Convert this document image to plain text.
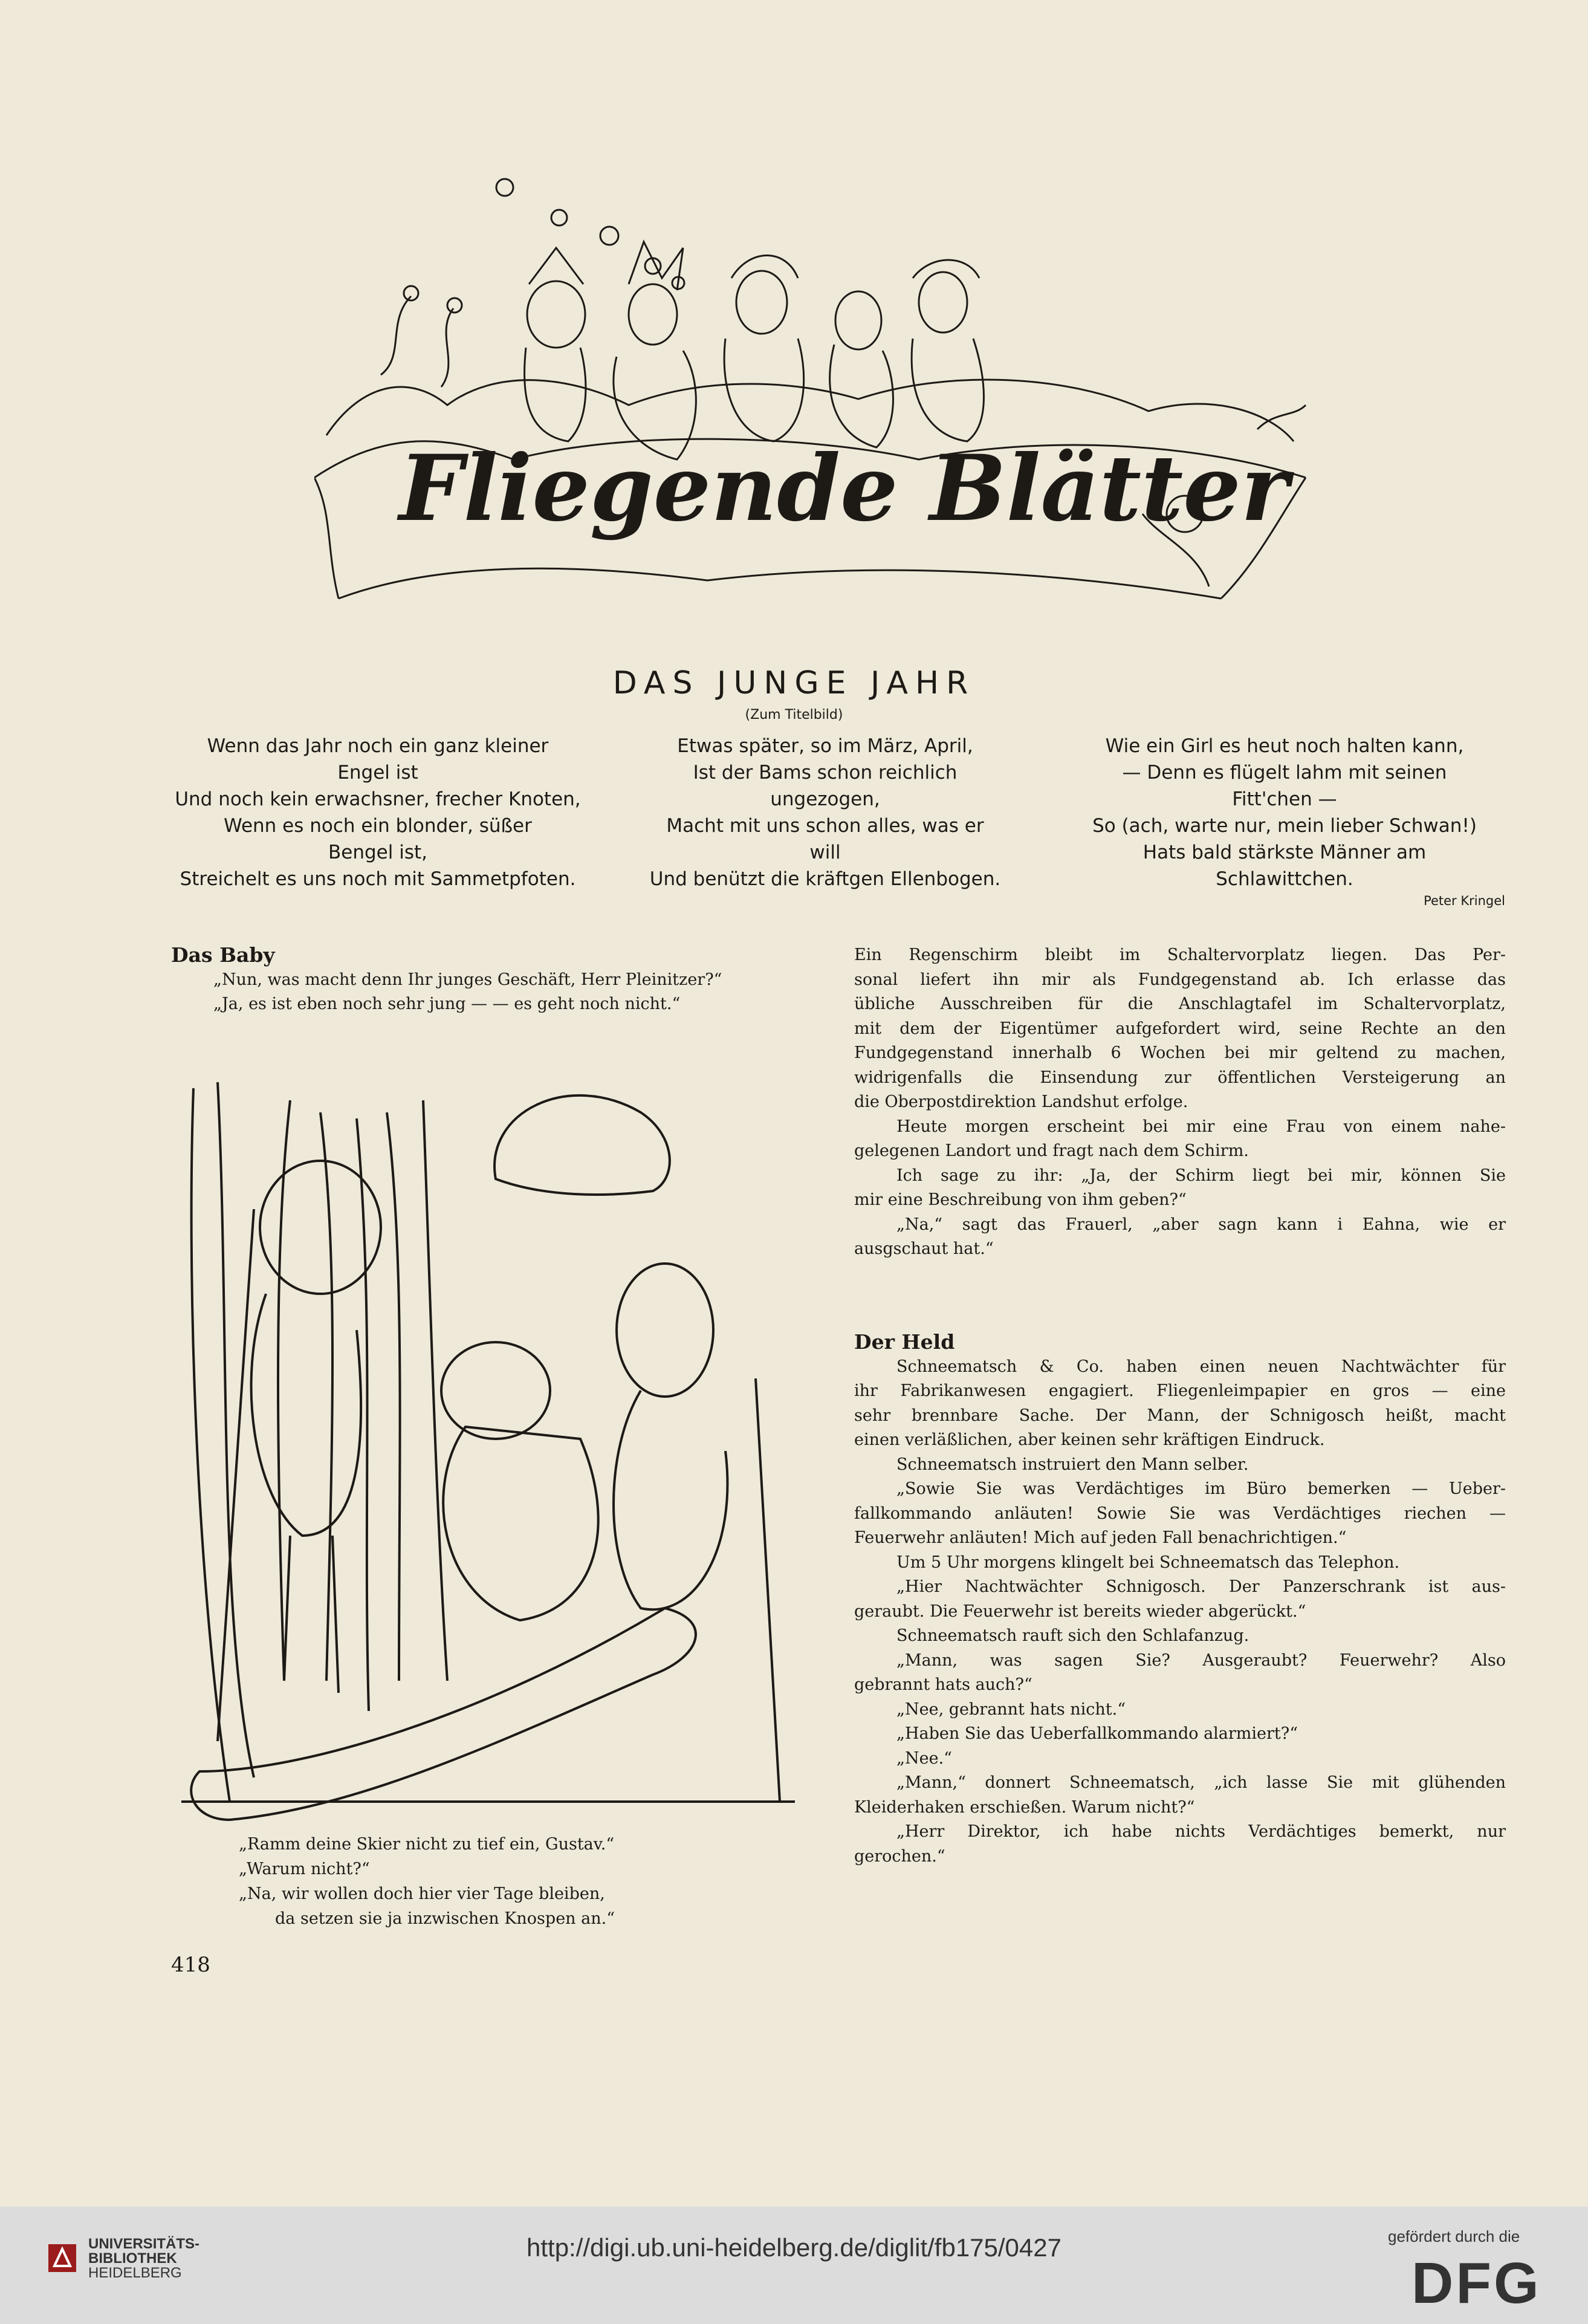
Fliegende Blätter
DAS JUNGE JAHR
(Zum Titelbild)
Wenn das Jahr noch ein ganz kleiner
Engel ist
Und noch kein erwachsner, frecher Knoten,
Wenn es noch ein blonder, süßer
Bengel ist,
Streichelt es uns noch mit Sammetpfoten.
Etwas später, so im März, April,
Ist der Bams schon reichlich
ungezogen,
Macht mit uns schon alles, was er
will
Und benützt die kräftgen Ellenbogen.
Wie ein Girl es heut noch halten kann,
— Denn es flügelt lahm mit seinen
Fitt'chen —
So (ach, warte nur, mein lieber Schwan!)
Hats bald stärkste Männer am
Schlawittchen.
Peter Kringel

Das Baby

„Nun, was macht denn Ihr junges Geschäft, Herr Pleinitzer?“

„Ja, es ist eben noch sehr jung — — es geht noch nicht.“

„Ramm deine Skier nicht zu tief ein, Gustav.“

„Warum nicht?“

„Na, wir wollen doch hier vier Tage bleiben,

da setzen sie ja inzwischen Knospen an.“

418

Ein Regenschirm bleibt im Schaltervorplatz liegen. Das Per-

sonal liefert ihn mir als Fundgegenstand ab. Ich erlasse das

übliche Ausschreiben für die Anschlagtafel im Schaltervorplatz,

mit dem der Eigentümer aufgefordert wird, seine Rechte an den

Fundgegenstand innerhalb 6 Wochen bei mir geltend zu machen,

widrigenfalls die Einsendung zur öffentlichen Versteigerung an

die Oberpostdirektion Landshut erfolge.

Heute morgen erscheint bei mir eine Frau von einem nahe-

gelegenen Landort und fragt nach dem Schirm.

Ich sage zu ihr: „Ja, der Schirm liegt bei mir, können Sie

mir eine Beschreibung von ihm geben?“

„Na,“ sagt das Frauerl, „aber sagn kann i Eahna, wie er

ausgschaut hat.“

Der Held

Schneematsch & Co. haben einen neuen Nachtwächter für

ihr Fabrikanwesen engagiert. Fliegenleimpapier en gros — eine

sehr brennbare Sache. Der Mann, der Schnigosch heißt, macht

einen verläßlichen, aber keinen sehr kräftigen Eindruck.

Schneematsch instruiert den Mann selber.

„Sowie Sie was Verdächtiges im Büro bemerken — Ueber-

fallkommando anläuten! Sowie Sie was Verdächtiges riechen —

Feuerwehr anläuten! Mich auf jeden Fall benachrichtigen.“

Um 5 Uhr morgens klingelt bei Schneematsch das Telephon.

„Hier Nachtwächter Schnigosch. Der Panzerschrank ist aus-

geraubt. Die Feuerwehr ist bereits wieder abgerückt.“

Schneematsch rauft sich den Schlafanzug.

„Mann, was sagen Sie? Ausgeraubt? Feuerwehr? Also

gebrannt hats auch?“

„Nee, gebrannt hats nicht.“

„Haben Sie das Ueberfallkommando alarmiert?“

„Nee.“

„Mann,“ donnert Schneematsch, „ich lasse Sie mit glühenden

Kleiderhaken erschießen. Warum nicht?“

„Herr Direktor, ich habe nichts Verdächtiges bemerkt, nur

gerochen.“

UNIVERSITÄTS-
BIBLIOTHEK
HEIDELBERG
http://digi.ub.uni-heidelberg.de/diglit/fb175/0427	gefördert durch die
DFG
